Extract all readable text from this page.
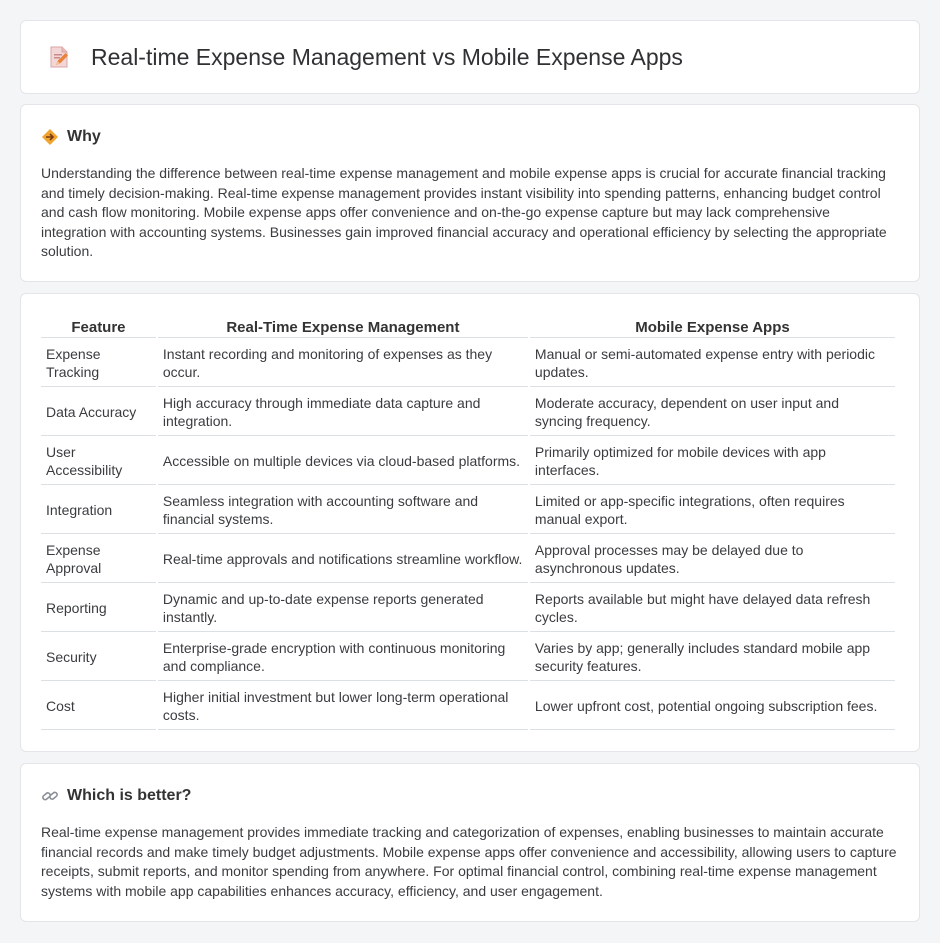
Real-time Expense Management vs Mobile Expense Apps
Why

Understanding the difference between real-time expense management and mobile expense apps is crucial for accurate financial tracking and timely decision-making. Real-time expense management provides instant visibility into spending patterns, enhancing budget control and cash flow monitoring. Mobile expense apps offer convenience and on-the-go expense capture but may lack comprehensive integration with accounting systems. Businesses gain improved financial accuracy and operational efficiency by selecting the appropriate solution.

Feature	Real-Time Expense Management	Mobile Expense Apps
Expense Tracking	Instant recording and monitoring of expenses as they occur.	Manual or semi-automated expense entry with periodic updates.
Data Accuracy	High accuracy through immediate data capture and integration.	Moderate accuracy, dependent on user input and syncing frequency.
User Accessibility	Accessible on multiple devices via cloud-based platforms.	Primarily optimized for mobile devices with app interfaces.
Integration	Seamless integration with accounting software and financial systems.	Limited or app-specific integrations, often requires manual export.
Expense Approval	Real-time approvals and notifications streamline workflow.	Approval processes may be delayed due to asynchronous updates.
Reporting	Dynamic and up-to-date expense reports generated instantly.	Reports available but might have delayed data refresh cycles.
Security	Enterprise-grade encryption with continuous monitoring and compliance.	Varies by app; generally includes standard mobile app security features.
Cost	Higher initial investment but lower long-term operational costs.	Lower upfront cost, potential ongoing subscription fees.
Which is better?

Real-time expense management provides immediate tracking and categorization of expenses, enabling businesses to maintain accurate financial records and make timely budget adjustments. Mobile expense apps offer convenience and accessibility, allowing users to capture receipts, submit reports, and monitor spending from anywhere. For optimal financial control, combining real-time expense management systems with mobile app capabilities enhances accuracy, efficiency, and user engagement.
